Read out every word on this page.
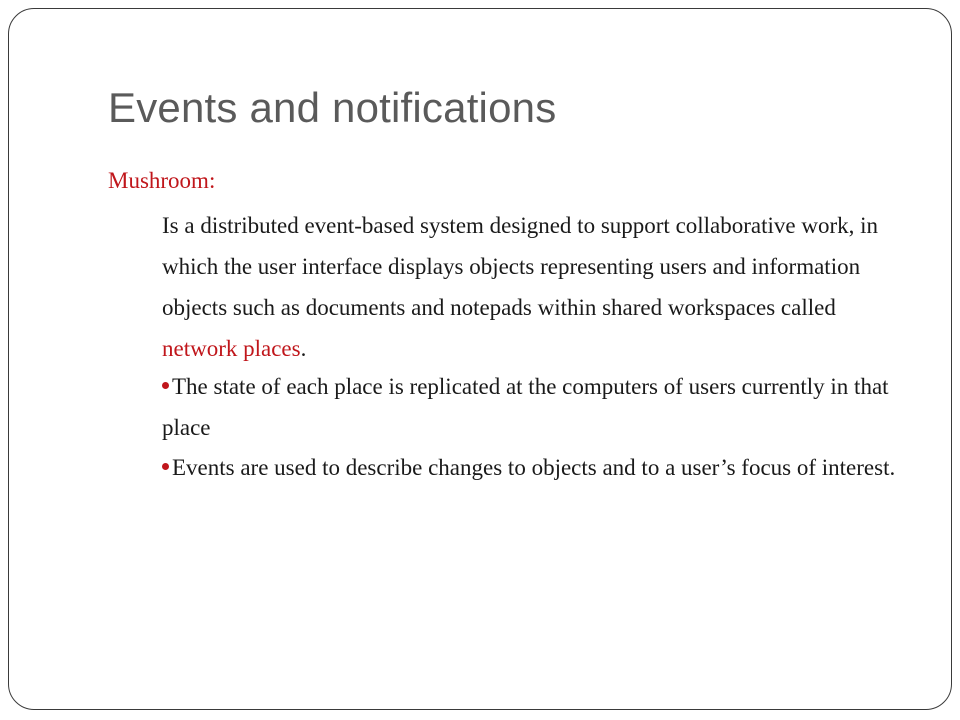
Events and notifications
Mushroom:

Is a distributed event-based system designed to support collaborative work, in which the user interface displays objects representing users and information objects such as documents and notepads within shared workspaces called network places.

The state of each place is replicated at the computers of users currently in that place

Events are used to describe changes to objects and to a user’s focus of interest.
